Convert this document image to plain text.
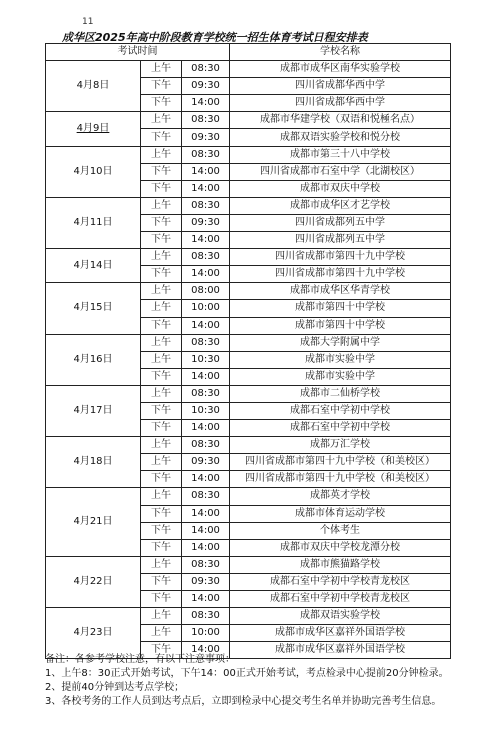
11
成华区2025年高中阶段教育学校统一招生体育考试日程安排表
考试时间			学校名称
4月8日	上午	08:30	成都市成华区南华实验学校
	下午	09:30	四川省成都华西中学
	下午	14:00	四川省成都华西中学
4月9日	上午	08:30	成都市华建学校（双语和悦極名点）
	下午	09:30	成都双语实验学校和悦分校
4月10日	上午	08:30	成都市第三十八中学校
	下午	14:00	四川省成都市石室中学（北湖校区）
	下午	14:00	成都市双庆中学校
4月11日	上午	08:30	成都市成华区才艺学校
	下午	09:30	四川省成都列五中学
	下午	14:00	四川省成都列五中学
4月14日	上午	08:30	四川省成都市第四十九中学校
	下午	14:00	四川省成都市第四十九中学校
4月15日	上午	08:00	成都市成华区华青学校
	上午	10:00	成都市第四十中学校
	下午	14:00	成都市第四十中学校
4月16日	上午	08:30	成都大学附属中学
	上午	10:30	成都市实验中学
	下午	14:00	成都市实验中学
4月17日	上午	08:30	成都市二仙桥学校
	下午	10:30	成都石室中学初中学校
	下午	14:00	成都石室中学初中学校
4月18日	上午	08:30	成都万汇学校
	上午	09:30	四川省成都市第四十九中学校（和美校区）
	下午	14:00	四川省成都市第四十九中学校（和美校区）
4月21日	上午	08:30	成都英才学校
	下午	14:00	成都市体育运动学校
	下午	14:00	个体考生
	下午	14:00	成都市双庆中学校龙潭分校
4月22日	上午	08:30	成都市熊猫路学校
	下午	09:30	成都石室中学初中学校青龙校区
	下午	14:00	成都石室中学初中学校青龙校区
4月23日	上午	08:30	成都双语实验学校
	上午	10:00	成都市成华区嘉祥外国语学校
	下午	14:00	成都市成华区嘉祥外国语学校
备注：各参考学校注意，有以下注意事项：
1、上午8：30正式开始考试，下午14：00正式开始考试，考点检录中心提前20分钟检录。
2、提前40分钟到达考点学校；
3、各校考务的工作人员到达考点后，立即到检录中心提交考生名单并协助完善考生信息。
